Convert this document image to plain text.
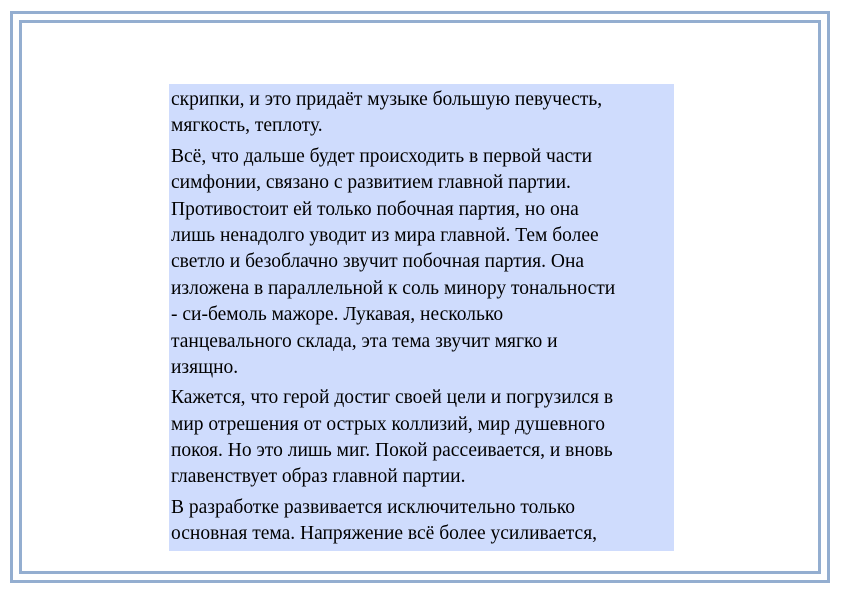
скрипки, и это придаёт музыке большую певучесть,
мягкость, теплоту.

Всё, что дальше будет происходить в первой части
симфонии, связано с развитием главной партии.
Противостоит ей только побочная партия, но она
лишь ненадолго уводит из мира главной. Тем более
светло и безоблачно звучит побочная партия. Она
изложена в параллельной к соль минору тональности
- си-бемоль мажоре. Лукавая, несколько
танцевального склада, эта тема звучит мягко и
изящно.

Кажется, что герой достиг своей цели и погрузился в
мир отрешения от острых коллизий, мир душевного
покоя. Но это лишь миг. Покой рассеивается, и вновь
главенствует образ главной партии.

В разработке развивается исключительно только
основная тема. Напряжение всё более усиливается,
